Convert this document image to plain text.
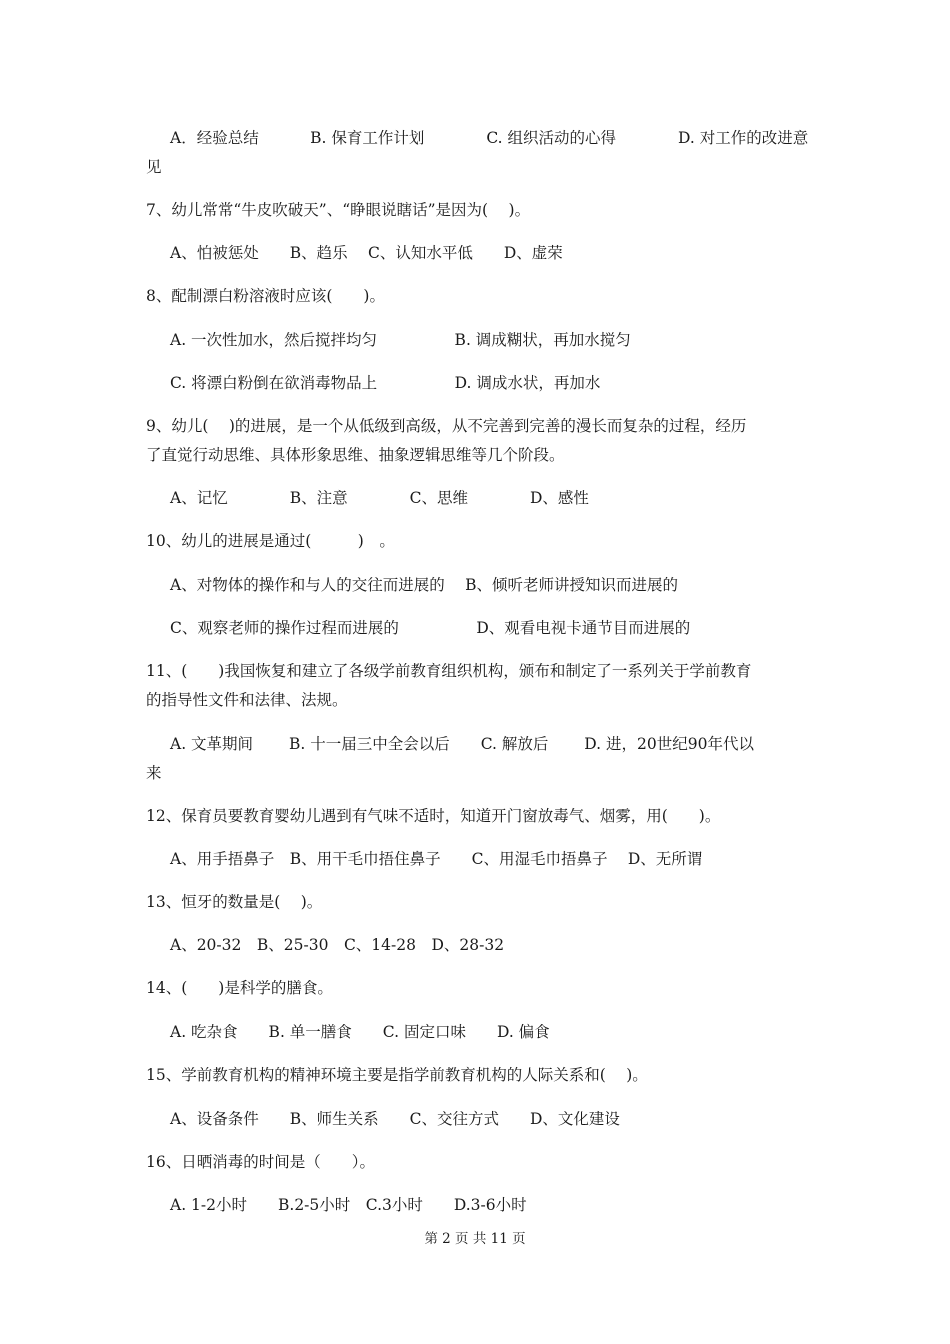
A．经验总结　　　 B. 保育工作计划　　　　C. 组织活动的心得　　　　D. 对工作的改进意
见
7、幼儿常常“牛皮吹破天”、“睁眼说瞎话”是因为(　 )。
A、怕被惩处　　B、趋乐　 C、认知水平低　　D、虚荣
8、配制漂白粉溶液时应该(　　)。
A. 一次性加水，然后搅拌均匀　　　　　B. 调成糊状，再加水搅匀
C. 将漂白粉倒在欲消毒物品上　　　　　D. 调成水状，再加水
9、幼儿(　 )的进展，是一个从低级到高级，从不完善到完善的漫长而复杂的过程，经历
了直觉行动思维、具体形象思维、抽象逻辑思维等几个阶段。
A、记忆　　　　B、注意　　　　C、思维　　　　D、感性
10、幼儿的进展是通过(　　　)　。
A、对物体的操作和与人的交往而进展的　 B、倾听老师讲授知识而进展的
C、观察老师的操作过程而进展的　　　　　D、观看电视卡通节目而进展的
11、(　　)我国恢复和建立了各级学前教育组织机构，颁布和制定了一系列关于学前教育
的指导性文件和法律、法规。
A. 文革期间　　 B. 十一届三中全会以后　　C. 解放后　　 D. 进，20世纪90年代以
来
12、保育员要教育婴幼儿遇到有气味不适时，知道开门窗放毒气、烟雾，用(　　)。
A、用手捂鼻子　B、用干毛巾捂住鼻子　　C、用湿毛巾捂鼻子　 D、无所谓
13、恒牙的数量是(　 )。
A、20-32　B、25-30　C、14-28　D、28-32
14、(　　)是科学的膳食。
A. 吃杂食　　B. 单一膳食　　C. 固定口味　　D. 偏食
15、学前教育机构的精神环境主要是指学前教育机构的人际关系和(　 )。
A、设备条件　　B、师生关系　　C、交往方式　　D、文化建设
16、日晒消毒的时间是（　　）。
A. 1-2小时　　B.2-5小时　C.3小时　　D.3-6小时
第 2 页 共 11 页
